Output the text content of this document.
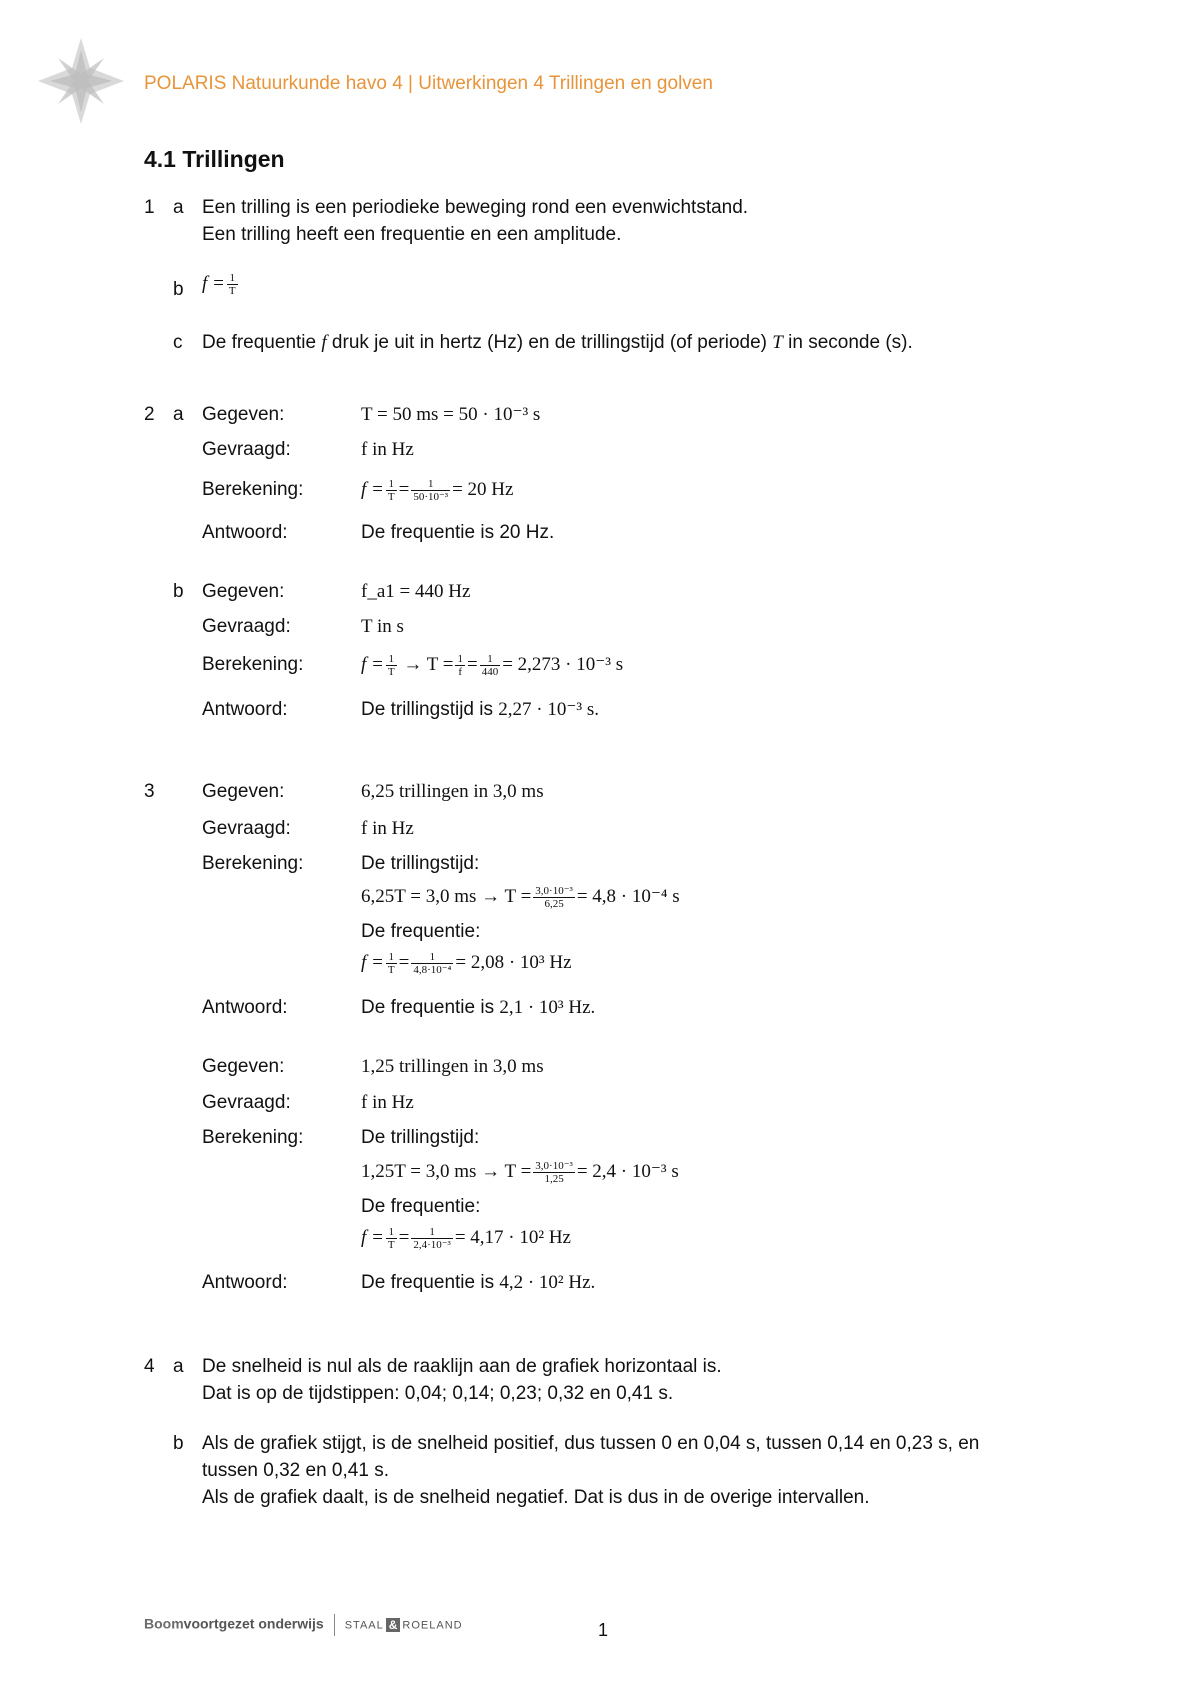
POLARIS Natuurkunde havo 4 | Uitwerkingen 4 Trillingen en golven
4.1 Trillingen
1 a Een trilling is een periodieke beweging rond een evenwichtstand.
Een trilling heeft een frequentie en een amplitude.
b $f = \frac{1}{T}$
c De frequentie f druk je uit in hertz (Hz) en de trillingstijd (of periode) T in seconde (s).
2 a Gegeven:	T = 50 ms = 50 · 10⁻³ s
Gevraagd:	f in Hz
Berekening:	$f = \frac{1}{T} = \frac{1}{\text{50·10⁻³}} = 20$ Hz
Antwoord:	De frequentie is 20 Hz.
b Gegeven:	f_a1 = 440 Hz
Gevraagd:	T in s
Berekening:	$f = \frac{1}{T} \to T = \frac{1}{f} = \frac{1}{440} = 2,273 \cdot 10^{-3}$ s
Antwoord:	De trillingstijd is 2,27 · 10⁻³ s.
3 Gegeven:	6,25 trillingen in 3,0 ms
Gevraagd:	f in Hz
Berekening:	De trillingstijd:
6,25T = 3,0 ms → $T = \frac{\text{3,0·10⁻³}}{6,25} = 4,8 \cdot 10^{-4}$ s
De frequentie:
$f = \frac{1}{T} = \frac{1}{\text{4,8·10⁻⁴}} = 2,08 \cdot 10^3$ Hz
Antwoord:	De frequentie is 2,1 · 10³ Hz.
Gegeven:	1,25 trillingen in 3,0 ms
Gevraagd:	f in Hz
Berekening:	De trillingstijd:
1,25T = 3,0 ms → $T = \frac{\text{3,0·10⁻³}}{1,25} = 2,4 \cdot 10^{-3}$ s
De frequentie:
$f = \frac{1}{T} = \frac{1}{\text{2,4·10⁻³}} = 4,17 \cdot 10^2$ Hz
Antwoord:	De frequentie is 4,2 · 10² Hz.
4 a De snelheid is nul als de raaklijn aan de grafiek horizontaal is.
Dat is op de tijdstippen: 0,04; 0,14; 0,23; 0,32 en 0,41 s.
b Als de grafiek stijgt, is de snelheid positief, dus tussen 0 en 0,04 s, tussen 0,14 en 0,23 s, en
tussen 0,32 en 0,41 s.
Als de grafiek daalt, is de snelheid negatief. Dat is dus in de overige intervallen.
Boomvoortgezet onderwijs STAAL & ROELAND	1
